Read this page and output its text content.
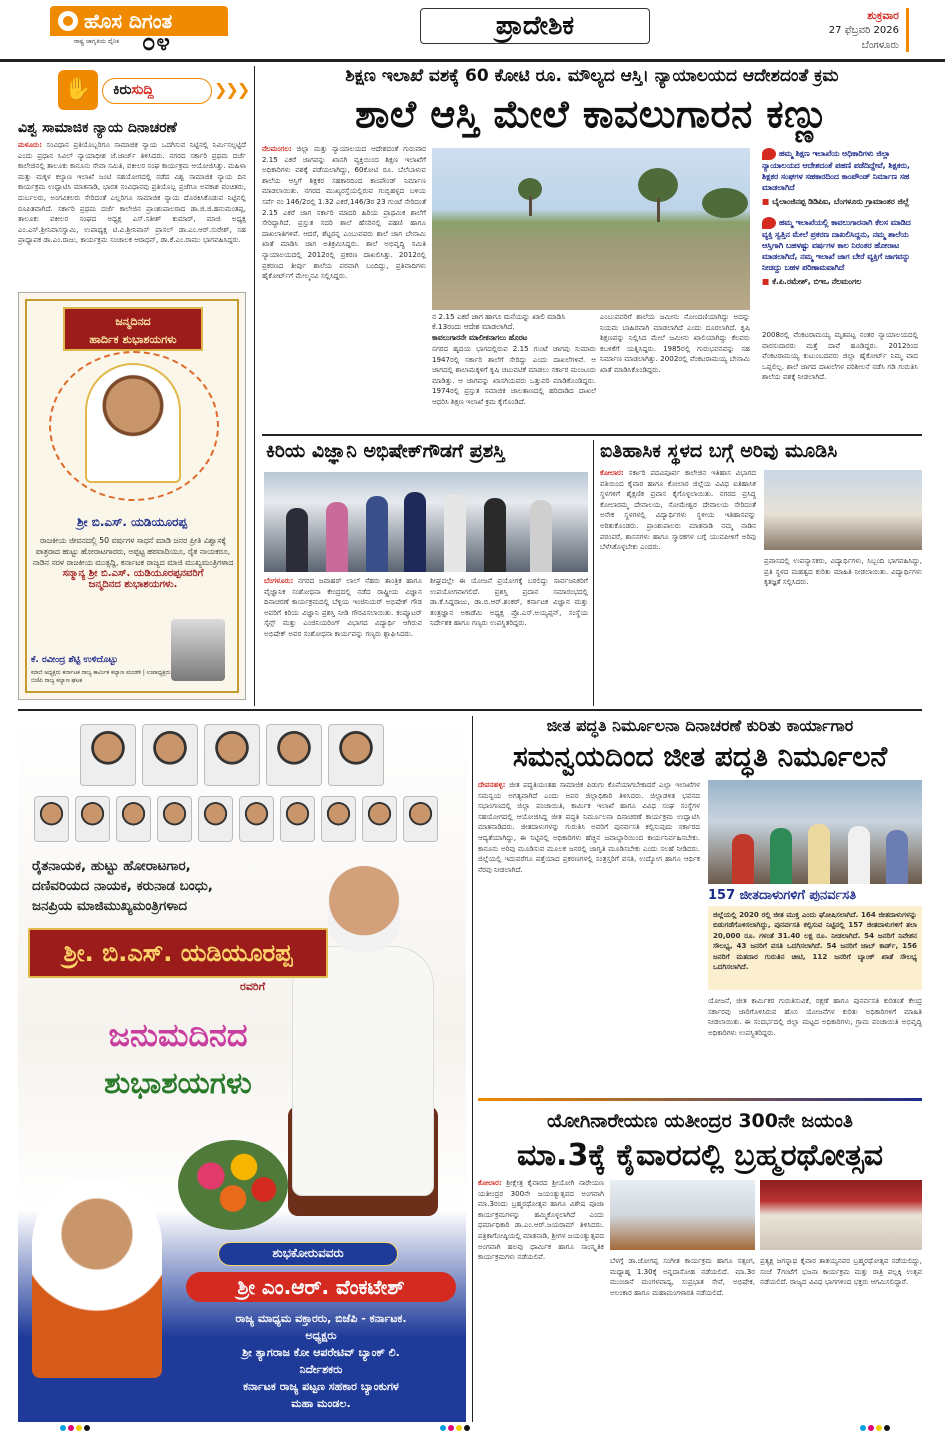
ಹೊಸ ದಿಗಂತ
ರಾಷ್ಟ್ರ ಜಾಗೃತಿಯ ದೈನಿಕ ೦೪
ಪ್ರಾದೇಶಿಕ	ಶುಕ್ರವಾರ
27 ಫೆಬ್ರವರಿ 2026
ಬೆಂಗಳೂರು
✋	ಕಿರುಸುದ್ದಿ	❯❯❯
ವಿಶ್ವ ಸಾಮಾಜಿಕ ನ್ಯಾಯ ದಿನಾಚರಣೆ
ಮಳೂರು: ಸಂವಿಧಾನ ಪ್ರತಿಯೊಬ್ಬರಿಗೂ ಸಾಮಾಜಿಕ ನ್ಯಾಯ ಒದಗಿಸುವ ನಿಟ್ಟಿನಲ್ಲಿ ನಿರ್ಮಿಸಲ್ಪಟ್ಟಿದೆ ಎಂದು ಪ್ರಧಾನ ಸಿವಿಲ್ ನ್ಯಾಯಾಧೀಶ ಜೆ.ಜಾರ್ಜ್ ತಿಳಿಸಿದರು. ನಗರದ ಸರ್ಕಾರಿ ಪ್ರಥಮ ದರ್ಜೆ ಕಾಲೇಜಿನಲ್ಲಿ ತಾಲೂಕು ಕಾನೂನು ಸೇವಾ ಸಮಿತಿ, ವಕೀಲರ ಸಂಘ ಕಾರ್ಯಕ್ರಮ ಆಯೋಜಿಸಿತ್ತು. ಮಹಿಳಾ ಮತ್ತು ಮಕ್ಕಳ ಕಲ್ಯಾಣ ಇಲಾಖೆ ಜಂಟಿ ಸಹಯೋಗದಲ್ಲಿ ನಡೆದ ವಿಶ್ವ ಸಾಮಾಜಿಕ ನ್ಯಾಯ ದಿನ ಕಾರ್ಯಕ್ರಮ ಉದ್ಘಾಟಿಸಿ ಮಾತನಾಡಿ, ಭಾರತ ಸಂವಿಧಾನವು ಪ್ರತಿಯೊಬ್ಬ ಪ್ರಜೆಗೂ ಅವಕಾಶ ವಂಚಿತರು, ದುರ್ಬಲರು, ಅಂಗವಿಕಲರು ಸೇರಿದಂತೆ ಎಲ್ಲರಿಗೂ ಸಾಮಾಜಿಕ ನ್ಯಾಯ ದೊರಕಿಸಿಕೊಡುವ ನಿಟ್ಟಿನಲ್ಲಿ ರೂಪಿತವಾಗಿದೆ. ಸರ್ಕಾರಿ ಪ್ರಥಮ ದರ್ಜೆ ಕಾಲೇಜಿನ ಪ್ರಾಂಶುಪಾಲರಾದ ಡಾ.ಜಿ.ಜಿ.ಹನುಮಂತಪ್ಪ, ತಾಲೂಕು ವಕೀಲರ ಸಂಘದ ಅಧ್ಯಕ್ಷ ಎಸ್.ಸತೀಶ್ ಕುಮಾರ್, ಮಾಜಿ ಅಧ್ಯಕ್ಷ ಎಂ.ಎಸ್.ಶ್ರೀನಿವಾಸಸ್ವಾಮಿ, ಉಪಾಧ್ಯಕ್ಷ ಟಿ.ವಿ.ಶ್ರೀನಿವಾಸ್ ಪ್ರಾಸಲ್ ಡಾ.ಎಂ.ಆರ್.ಸುರೇಶ್, ಸಹ ಪ್ರಾಧ್ಯಾಪಕ ಡಾ.ಎಂ.ರಾಜು, ಕಾರ್ಯಕ್ರಮ ಸಂಚಾಲಕ ಆರಾಧನ್, ಡಾ.ಕೆ.ಎಂ.ರಾಮು ಭಾಗವಹಿಸಿದ್ದರು.
ಜನ್ಮದಿನದ
ಹಾರ್ದಿಕ ಶುಭಾಶಯಗಳು
ಶ್ರೀ ಬಿ.ಎಸ್. ಯಡಿಯೂರಪ್ಪ
ರಾಜಕೀಯ ಜೀವನದಲ್ಲಿ 50 ವರ್ಷಗಳ ಸಾಧನೆ ಮಾಡಿ ಜನರ ಪ್ರೀತಿ ವಿಶ್ವಾಸಕ್ಕೆ ಪಾತ್ರರಾದ ಹುಟ್ಟು ಹೋರಾಟಗಾರರು, ಅಪ್ಪಟ್ಟ ಹಠವಾದಿಯೂ, ರೈತ ನಾಯಕರೂ, ನಾಡಿನ ಸರಳ ರಾಜಕೀಯ ಮುತ್ಸದ್ದಿ, ಕರ್ನಾಟಕ ರಾಜ್ಯದ ಮಾಜಿ ಮುಖ್ಯಮಂತ್ರಿಗಳಾದ
ಸನ್ಮಾನ್ಯ ಶ್ರೀ ಬಿ.ಎಸ್. ಯಡಿಯೂರಪ್ಪನವರಿಗೆ
ಜನ್ಮದಿನದ ಶುಭಾಶಯಗಳು.
ಕೆ. ರವೀಂದ್ರ ಶೆಟ್ಟಿ ಉಳಿದೊಟ್ಟು
ಮಾಜಿ ಅಧ್ಯಕ್ಷರು ಕರ್ನಾಟಕ ರಾಜ್ಯ ಕಾರ್ಮಿಕ ಕಲ್ಯಾಣ ಮಂಡಳಿ | ಉಪಾಧ್ಯಕ್ಷರು ಬಿಜೆಪಿ ರಾಜ್ಯ ಕಲ್ಯಾಣ ಘಟಕ
ಶಿಕ್ಷಣ ಇಲಾಖೆ ವಶಕ್ಕೆ 60 ಕೋಟಿ ರೂ. ಮೌಲ್ಯದ ಆಸ್ತಿ। ನ್ಯಾಯಾಲಯದ ಆದೇಶದಂತೆ ಕ್ರಮ
ಶಾಲೆ ಆಸ್ತಿ ಮೇಲೆ ಕಾವಲುಗಾರನ ಕಣ್ಣು
ನೆಲಮಂಗಲ: ಜಿಲ್ಲಾ ಮತ್ತು ನ್ಯಾಯಾಲಯದ ಆದೇಶದಂತೆ ಗುರುವಾರ 2.15 ಎಕರೆ ಜಾಗವನ್ನು ಖಾಸಗಿ ವ್ಯಕ್ತಿಯಿಂದ ಶಿಕ್ಷಣ ಇಲಾಖೆಗೆ ಅಧಿಕಾರಿಗಳು ವಶಕ್ಕೆ ಪಡೆಯಲಾಗಿದ್ದು, 60ಕೋಟಿ ರೂ. ಬೆಲೆಬಾಳುವ ಶಾಲೆಯ ಆಸ್ತಿಗೆ ಶಿಕ್ಷಕರ ಸಹಕಾರದಿಂದ ಕಾಂಪೌಂಡ್ ನಿರ್ಮಾಣ ಮಾಡಲಾಯಿತು. ನಗರದ ಮುಖ್ಯರಸ್ತೆಯಲ್ಲಿರುವ ಗುಬ್ಬಿಹಳ್ಳದ ಬಳಿಯ ಸರ್ವೆ ನಂ 146/2ರಲ್ಲಿ 1.32 ಎಕರೆ,146/3ರ 23 ಗುಂಟೆ ಸೇರಿದಂತೆ 2.15 ಎಕರೆ ಜಾಗ ಸರ್ಕಾರಿ ಮಾದರಿ ಹಿರಿಯ ಪ್ರಾಥಮಿಕ ಶಾಲೆಗೆ ಸೇರಿದ್ದಾಗಿದೆ. ಪ್ರಸ್ತುತ ಸದರಿ ಶಾಲೆ ಹೆಸರಿನಲ್ಲಿ ಪಹಣಿ ಹಾಗೂ ದಾಖಲಾತಿಗಳಿವೆ. ಆದರೆ, ಶೆಟ್ಟರನ್ನ ಎಂಬುವವರು ಶಾಲೆ ಜಾಗ ಬೇನಾಮಿ ಖಾತೆ ಮಾಡಿಸಿ ಜಾಗ ಅತಿಕ್ರಮಿಸಿದ್ದರು. ಶಾಲೆ ಅಭಿವೃದ್ಧಿ ಸಮಿತಿ ನ್ಯಾಯಾಲಯದಲ್ಲಿ 2012ರಲ್ಲಿ ಪ್ರಕರಣ ದಾಖಲಿಸಿತ್ತು. 2012ರಲ್ಲಿ ಪ್ರಕರಣದ ತೀರ್ಪು ಶಾಲೆಯ ಪರವಾಗಿ ಬಂದಿದ್ದು, ಪ್ರತಿವಾದಿಗಳು ಹೈಕೋರ್ಟ್‌ಗೆ ಮೇಲ್ಮನವಿ ಸಲ್ಲಿಸಿದ್ದರು.
ನ 2.15 ಎಕರೆ ಜಾಗ ಹಾಗೂ ಮನೆಯನ್ನು ಖಾಲಿ ಮಾಡಿಸಿ ಕೆ.13ರಂದು ಆದೇಶ ಮಾಡಲಾಗಿದೆ.
ಕಾವಲುಗಾರನೇ ಮಾಲೀಕನಾಗಲು ಹೊರಟ
ನಗರದ ಹೃದಯ ಭಾಗದಲ್ಲಿರುವ 2.15 ಗುಂಟೆ ಜಾಗವು ಸುಮಾರು 1947ರಲ್ಲಿ ಸರ್ಕಾರಿ ಶಾಲೆಗೆ ಸೇರಿದ್ದು ಎಂದು ದಾಖಲೆಗಳಿವೆ. ಆ ಜಾಗದಲ್ಲಿ ಶಾಲಾಮಕ್ಕಳಿಗೆ ಕೃಷಿ ಚಟುವಟಿಕೆ ಮಾಡಲು ಸರ್ಕಾರ ಮಂಜೂರು ಮಾಡಿತ್ತು. ಆ ಜಾಗವನ್ನು ಖಾಸಗಿಯವರು ಒತ್ತುವರಿ ಮಾಡಿಕೊಂಡಿದ್ದರು. 1974ರಲ್ಲಿ ಪ್ರಸ್ತುತ ಸಮಾಜಿಕ ಜಾಲತಾಣದಲ್ಲಿ ಹರಿದಾಡಿದ ದಾಖಲೆ ಆಧರಿಸಿ ಶಿಕ್ಷಣ ಇಲಾಖೆ ಕ್ರಮ ಕೈಗೊಂಡಿದೆ.
ಎಂಬುವವರಿಗೆ ಶಾಲೆಯ ಜಮೀನು ನೋಂದಣಿಯಾಗಿದ್ದು ಅದನ್ನು ನಿಯಮ ಬಾಹಿರವಾಗಿ ಮಾಡಲಾಗಿದೆ ಎಂದು ದೂರಲಾಗಿದೆ. ಕೃಷಿ ಶಿಕ್ಷಣವನ್ನು ನಿಲ್ಲಿಸಿದ ಮೇಲೆ ಜಮೀನು ಖಾಲಿಯಾಗಿದ್ದು ಕೆಲವರು ಕಬಳಿಕೆಗೆ ಯತ್ನಿಸಿದ್ದರು. 1985ರಲ್ಲಿ ಗುರುಭವನವನ್ನು ಸಹ ನಿರ್ಮಾಣ ಮಾಡಲಾಗಿತ್ತು. 2002ರಲ್ಲಿ ವೆಂಕಟರಾಮಯ್ಯ ಬೇನಾಮಿ ಖಾತೆ ಮಾಡಿಸಿಕೊಂಡಿದ್ದರು.
2008ರಲ್ಲಿ ವೆಂಕಟರಾಮಯ್ಯ ಮೃತಪಟ್ಟ ನಂತರ ನ್ಯಾಯಾಲಯದಲ್ಲಿ ವಾರಸುದಾರರು ಮತ್ತೆ ದಾವೆ ಹೂಡಿದ್ದರು. 2012ರಿಂದ ವೆಂಕಟರಾಮಯ್ಯ ಕುಟುಂಬದವರು ಜಿಲ್ಲಾ ಹೈಕೋರ್ಟ್ ನಿಮ್ಮ ವಾದ ಒಪ್ಪಲಿಲ್ಲ. ಶಾಲೆ ಜಾಗದ ದಾಖಲೆಗಳ ಪರಿಶೀಲನೆ ನಡೆಸಿ ಗಡಿ ಗುರುತಿಸಿ ಶಾಲೆಯ ವಶಕ್ಕೆ ನೀಡಲಾಗಿದೆ.
ಹಮ್ಮ ಶಿಕ್ಷಣ ಇಲಾಖೆಯ ಅಧಿಕಾರಿಗಳು ಜಿಲ್ಲಾ ನ್ಯಾಯಾಲಯದ ಆದೇಶದಂತೆ ಪಹಣಿ ಪಡೆದಿದ್ದೇವೆ, ಶಿಕ್ಷಕರು, ಶಿಕ್ಷಕರ ಸಂಘಗಳ ಸಹಕಾರದಿಂದ ಕಾಂಪೌಂಡ್ ನಿರ್ಮಾಣ ಸಹ ಮಾಡಲಾಗಿದೆ
■ ಬೈಲಾಂಜಿನಪ್ಪ ಡಿಡಿಪಿಐ, ಬೆಂಗಳೂರು ಗ್ರಾಮಾಂತರ ಜಿಲ್ಲೆ
ಹಮ್ಮ ಇಲಾಖೆಯಲ್ಲಿ ಕಾವಲುಗಾರನಾಗಿ ಕೆಲಸ ಮಾಡಿದ ವ್ಯಕ್ತಿ ಸ್ವತ್ತಿನ ಮೇಲೆ ಪ್ರಕರಣ ದಾಖಲಿಸಿದ್ದನು, ನಮ್ಮ ಶಾಲೆಯ ಆಸ್ತಿಗಾಗಿ ಬಹಳಷ್ಟು ವರ್ಷಗಳ ಕಾಲ ನಿರಂತರ ಹೋರಾಟ ಮಾಡಲಾಗಿದೆ, ನಮ್ಮ ಇಲಾಖೆ ಜಾಗ ಬೇರೆ ವ್ಯಕ್ತಿಗೆ ಜಾಗವನ್ನು ನೀಡದ್ದು ಬಹಳ ಪರಿಣಾಮವಾಗಿದೆ
■ ಕೆ.ಪಿ.ರಮೇಶ್, ಬಿಇಒ ನೆಲಮಂಗಲ
ಕಿರಿಯ ವಿಜ್ಞಾನಿ ಅಭಿಷೇಕ್‌ಗೌಡಗೆ ಪ್ರಶಸ್ತಿ
ಬೆಂಗಳೂರು: ನಗರದ ಜವಾಹರ್ ಲಾಲ್ ನೆಹರು ತಾಂತ್ರಿಕ ಹಾಗೂ ವೈಜ್ಞಾನಿಕ ಸಂಶೋಧನಾ ಕೇಂದ್ರದಲ್ಲಿ ನಡೆದ ರಾಷ್ಟ್ರೀಯ ವಿಜ್ಞಾನ ದಿನಾಚರಣೆ ಕಾರ್ಯಕ್ರಮದಲ್ಲಿ ಬೆಳ್ಳಿಯ ಇಂಜಿನಿಯರ್ ಅಭಿಷೇಕ್ ಗೌಡ ಅವರಿಗೆ ಕಿರಿಯ ವಿಜ್ಞಾನಿ ಪ್ರಶಸ್ತಿ ನೀಡಿ ಗೌರವಿಸಲಾಯಿತು. ಕಂಪ್ಯೂಟರ್ ಸೈನ್ಸ್ ಮತ್ತು ಎಂಜಿನಿಯರಿಂಗ್ ವಿಭಾಗದ ವಿದ್ಯಾರ್ಥಿ ಆಗಿರುವ ಅಭಿಷೇಕ್ ಅವರ ಸಂಶೋಧನಾ ಕಾರ್ಯವನ್ನು ಗಣ್ಯರು ಶ್ಲಾಘಿಸಿದರು.
ಶೀಘ್ರದಲ್ಲೇ ಈ ಯೋಜನೆ ಪ್ರಯೋಗಕ್ಕೆ ಬರಲಿದ್ದು ಸಾರ್ವಜನಿಕರಿಗೆ ಉಪಯೋಗವಾಗಲಿದೆ. ಪ್ರಶಸ್ತಿ ಪ್ರದಾನ ಸಮಾರಂಭದಲ್ಲಿ ಡಾ.ಕೆ.ಸಿದ್ದರಾಜು, ಡಾ.ಬಿ.ಆರ್.ಶಂಕರ್, ಕರ್ನಾಟಕ ವಿಜ್ಞಾನ ಮತ್ತು ತಂತ್ರಜ್ಞಾನ ಅಕಾಡೆಮಿ ಅಧ್ಯಕ್ಷ ಪ್ರೊ.ಎಸ್.ಅಯ್ಯಪ್ಪನ್, ಸಂಸ್ಥೆಯ ನಿರ್ದೇಶಕ ಹಾಗೂ ಗಣ್ಯರು ಉಪಸ್ಥಿತರಿದ್ದರು.
ಐತಿಹಾಸಿಕ ಸ್ಥಳದ ಬಗ್ಗೆ ಅರಿವು ಮೂಡಿಸಿ
ಕೋಲಾರ: ಸರ್ಕಾರಿ ಪದವಿಪೂರ್ವ ಕಾಲೇಜಿನ ಇತಿಹಾಸ ವಿಭಾಗದ ವತಿಯಿಂದ ಕೈವಾರ ಹಾಗೂ ಕೋಲಾರ ಜಿಲ್ಲೆಯ ವಿವಿಧ ಐತಿಹಾಸಿಕ ಸ್ಥಳಗಳಿಗೆ ಶೈಕ್ಷಣಿಕ ಪ್ರವಾಸ ಕೈಗೊಳ್ಳಲಾಯಿತು. ನಗರದ ಪ್ರಸಿದ್ಧ ಕೋಲಾರಮ್ಮ ದೇವಾಲಯ, ಸೋಮೇಶ್ವರ ದೇವಾಲಯ ಸೇರಿದಂತೆ ಅನೇಕ ಸ್ಥಳಗಳಲ್ಲಿ ವಿದ್ಯಾರ್ಥಿಗಳು ಸ್ಥಳೀಯ ಇತಿಹಾಸವನ್ನು ಅರಿತುಕೊಂಡರು. ಪ್ರಾಂಶುಪಾಲರು ಮಾತನಾಡಿ ನಮ್ಮ ನಾಡಿನ ಪರಂಪರೆ, ಶಾಸನಗಳು ಹಾಗೂ ಸ್ಮಾರಕಗಳ ಬಗ್ಗೆ ಯುವಪೀಳಿಗೆ ಅರಿವು ಬೆಳೆಸಿಕೊಳ್ಳಬೇಕು ಎಂದರು.
ಪ್ರವಾಸದಲ್ಲಿ ಉಪನ್ಯಾಸಕರು, ವಿದ್ಯಾರ್ಥಿಗಳು, ಸಿಬ್ಬಂದಿ ಭಾಗವಹಿಸಿದ್ದು, ಪ್ರತಿ ಸ್ಥಳದ ಮಹತ್ವದ ಕುರಿತು ಮಾಹಿತಿ ನೀಡಲಾಯಿತು. ವಿದ್ಯಾರ್ಥಿಗಳು ಕೃತಜ್ಞತೆ ಸಲ್ಲಿಸಿದರು.
ರೈತನಾಯಕ, ಹುಟ್ಟು ಹೋರಾಟಗಾರ,
ದಣಿವರಿಯದ ನಾಯಕ, ಕರುನಾಡ ಬಂಧು,
ಜನಪ್ರಿಯ ಮಾಜಿಮುಖ್ಯಮಂತ್ರಿಗಳಾದ
ಶ್ರೀ. ಬಿ.ಎಸ್. ಯಡಿಯೂರಪ್ಪ
ರವರಿಗೆ
ಜನುಮದಿನದ
ಶುಭಾಶಯಗಳು
ಶುಭಕೋರುವವರು
ಶ್ರೀ ಎಂ.ಆರ್. ವೆಂಕಟೇಶ್
ರಾಜ್ಯ ಮಾಧ್ಯಮ ವಕ್ತಾರರು, ಬಿಜೆಪಿ - ಕರ್ನಾಟಕ.
ಅಧ್ಯಕ್ಷರು
ಶ್ರೀ ತ್ಯಾಗರಾಜ ಕೋ ಆಪರೇಟಿವ್ ಬ್ಯಾಂಕ್ ಲಿ.
ನಿರ್ದೇಶಕರು
ಕರ್ನಾಟಕ ರಾಜ್ಯ ಪಟ್ಟಣ ಸಹಕಾರ ಬ್ಯಾಂಕುಗಳ
ಮಹಾ ಮಂಡಲ.
ಜೀತ ಪದ್ಧತಿ ನಿರ್ಮೂಲನಾ ದಿನಾಚರಣೆ ಕುರಿತು ಕಾರ್ಯಾಗಾರ
ಸಮನ್ವಯದಿಂದ ಜೀತ ಪದ್ಧತಿ ನಿರ್ಮೂಲನೆ
ದೇವನಹಳ್ಳಿ: ಜೀತ ಪದ್ಧತಿಯಂತಹ ಸಾಮಾಜಿಕ ಪಿಡುಗು ಕೊನೆಯಾಗಬೇಕಾದರೆ ಎಲ್ಲಾ ಇಲಾಖೆಗಳ ಸಮನ್ವಯ ಅಗತ್ಯವಾಗಿದೆ ಎಂದು ಅಪರ ಜಿಲ್ಲಾಧಿಕಾರಿ ತಿಳಿಸಿದರು. ಜಿಲ್ಲಾಡಳಿತ ಭವನದ ಸಭಾಂಗಣದಲ್ಲಿ ಜಿಲ್ಲಾ ಪಂಚಾಯಿತಿ, ಕಾರ್ಮಿಕ ಇಲಾಖೆ ಹಾಗೂ ವಿವಿಧ ಸಂಘ ಸಂಸ್ಥೆಗಳ ಸಹಯೋಗದಲ್ಲಿ ಆಯೋಜಿಸಿದ್ದ ಜೀತ ಪದ್ಧತಿ ನಿರ್ಮೂಲನಾ ದಿನಾಚರಣೆ ಕಾರ್ಯಕ್ರಮ ಉದ್ಘಾಟಿಸಿ ಮಾತನಾಡಿದರು. ಜೀತದಾಳುಗಳನ್ನು ಗುರುತಿಸಿ ಅವರಿಗೆ ಪುನರ್ವಸತಿ ಕಲ್ಪಿಸುವುದು ಸರ್ಕಾರದ ಆದ್ಯತೆಯಾಗಿದ್ದು, ಈ ನಿಟ್ಟಿನಲ್ಲಿ ಅಧಿಕಾರಿಗಳು ಹೆಚ್ಚಿನ ಜವಾಬ್ದಾರಿಯಿಂದ ಕಾರ್ಯನಿರ್ವಹಿಸಬೇಕು. ಕಾನೂನು ಅರಿವು ಮೂಡಿಸುವ ಮೂಲಕ ಜನರಲ್ಲಿ ಜಾಗೃತಿ ಮೂಡಿಸಬೇಕು ಎಂದು ಸಲಹೆ ನೀಡಿದರು. ಜಿಲ್ಲೆಯಲ್ಲಿ ಇದುವರೆಗೂ ಪತ್ತೆಯಾದ ಪ್ರಕರಣಗಳಲ್ಲಿ ಸಂತ್ರಸ್ತರಿಗೆ ವಸತಿ, ಉದ್ಯೋಗ ಹಾಗೂ ಆರ್ಥಿಕ ನೆರವು ನೀಡಲಾಗಿದೆ.
157 ಜೀತದಾಳುಗಳಿಗೆ ಪುನರ್ವಸತಿ
ಜಿಲ್ಲೆಯಲ್ಲಿ 2020 ರಲ್ಲಿ ಜೀತ ಮುಕ್ತ ಎಂದು ಘೋಷಿಸಲಾಗಿದೆ. 164 ಜೀತದಾಳುಗಳನ್ನು ಬಿಡುಗಡೆಗೊಳಿಸಲಾಗಿದ್ದು, ಪುನರ್ವಸತಿ ಕಲ್ಪಿಸುವ ನಿಟ್ಟಿನಲ್ಲಿ 157 ಜೀತದಾಳುಗಳಿಗೆ ತಲಾ 20,000 ರೂ. ಗಳಂತೆ 31.40 ಲಕ್ಷ ರೂ. ನೀಡಲಾಗಿದೆ. 54 ಜನರಿಗೆ ನಿವೇಶನ ಸೌಲಭ್ಯ, 43 ಜನರಿಗೆ ವಸತಿ ಒದಗಿಸಲಾಗಿದೆ. 54 ಜನರಿಗೆ ಜಾಬ್ ಕಾರ್ಡ್, 156 ಜನರಿಗೆ ಮತದಾರ ಗುರುತಿನ ಚೀಟಿ, 112 ಜನರಿಗೆ ಬ್ಯಾಂಕ್ ಖಾತೆ ಸೌಲಭ್ಯ ಒದಗಿಸಲಾಗಿದೆ.
ಯೋಜನೆ, ಜೀತ ಕಾರ್ಮಿಕರ ಗುರುತಿಸುವಿಕೆ, ರಕ್ಷಣೆ ಹಾಗೂ ಪುನರ್ವಸತಿ ಕುರಿತಂತೆ ಕೇಂದ್ರ ಸರ್ಕಾರವು ಜಾರಿಗೊಳಿಸಿರುವ ಹೊಸ ಯೋಜನೆಗಳ ಕುರಿತು ಅಧಿಕಾರಿಗಳಿಗೆ ಮಾಹಿತಿ ನೀಡಲಾಯಿತು. ಈ ಸಂದರ್ಭದಲ್ಲಿ ಜಿಲ್ಲಾ ಮಟ್ಟದ ಅಧಿಕಾರಿಗಳು, ಗ್ರಾಮ ಪಂಚಾಯಿತಿ ಅಭಿವೃದ್ಧಿ ಅಧಿಕಾರಿಗಳು ಉಪಸ್ಥಿತರಿದ್ದರು.
ಯೋಗಿನಾರೇಯಣ ಯತೀಂದ್ರರ 300ನೇ ಜಯಂತಿ
ಮಾ.3ಕ್ಕೆ ಕೈವಾರದಲ್ಲಿ ಬ್ರಹ್ಮರಥೋತ್ಸವ
ಕೋಲಾರ: ಶ್ರೀಕ್ಷೇತ್ರ ಕೈವಾರದ ಶ್ರೀಯೋಗಿ ನಾರೇಯಣ ಯತೀಂದ್ರರ 300ನೇ ಜಯಂತ್ಯುತ್ಸವದ ಅಂಗವಾಗಿ ಮಾ.3ರಂದು ಬ್ರಹ್ಮರಥೋತ್ಸವ ಹಾಗೂ ವಿಶೇಷ ಪೂಜಾ ಕಾರ್ಯಕ್ರಮಗಳನ್ನು ಹಮ್ಮಿಕೊಳ್ಳಲಾಗಿದೆ ಎಂದು ಧರ್ಮಾಧಿಕಾರಿ ಡಾ.ಎಂ.ಆರ್.ಜಯರಾಮ್ ತಿಳಿಸಿದರು. ಪತ್ರಿಕಾಗೋಷ್ಠಿಯಲ್ಲಿ ಮಾತನಾಡಿ, ಶ್ರೀಗಳ ಜಯಂತ್ಯುತ್ಸವದ ಅಂಗವಾಗಿ ಹಲವು ಧಾರ್ಮಿಕ ಹಾಗೂ ಸಾಂಸ್ಕೃತಿಕ ಕಾರ್ಯಕ್ರಮಗಳು ನಡೆಯಲಿವೆ.	ಬೆಳಗ್ಗೆ ಡಾ.ಜೋಗಪ್ಪ ಸಂಗೀತ ಕಾರ್ಯಕ್ರಮ ಹಾಗೂ ಸತ್ಸಂಗ, ಮಧ್ಯಾಹ್ನ 1.30ಕ್ಕೆ ಅನ್ನದಾಸೋಹ ನಡೆಯಲಿದೆ. ಮಾ.3ರ ಮುಂಜಾನೆ ಮಂಗಳವಾದ್ಯ, ಸುಪ್ರಭಾತ ಸೇವೆ, ಅಭಿಷೇಕ, ಅಲಂಕಾರ ಹಾಗೂ ಮಹಾಮಂಗಳಾರತಿ ನಡೆಯಲಿದೆ.
ಪ್ರತ್ಯಕ್ಷ ಜಗನ್ನಾಥ ಕೈವಾರ ತಾತಯ್ಯನವರ ಬ್ರಹ್ಮರಥೋತ್ಸವ ನಡೆಯಲಿದ್ದು, ಸಂಜೆ 7ಗಂಟೆಗೆ ಭಜನಾ ಕಾರ್ಯಕ್ರಮ ಮತ್ತು ರಾತ್ರಿ ಪಲ್ಲಕ್ಕಿ ಉತ್ಸವ ನಡೆಯಲಿದೆ. ರಾಜ್ಯದ ವಿವಿಧ ಭಾಗಗಳಿಂದ ಭಕ್ತರು ಆಗಮಿಸಲಿದ್ದಾರೆ.
